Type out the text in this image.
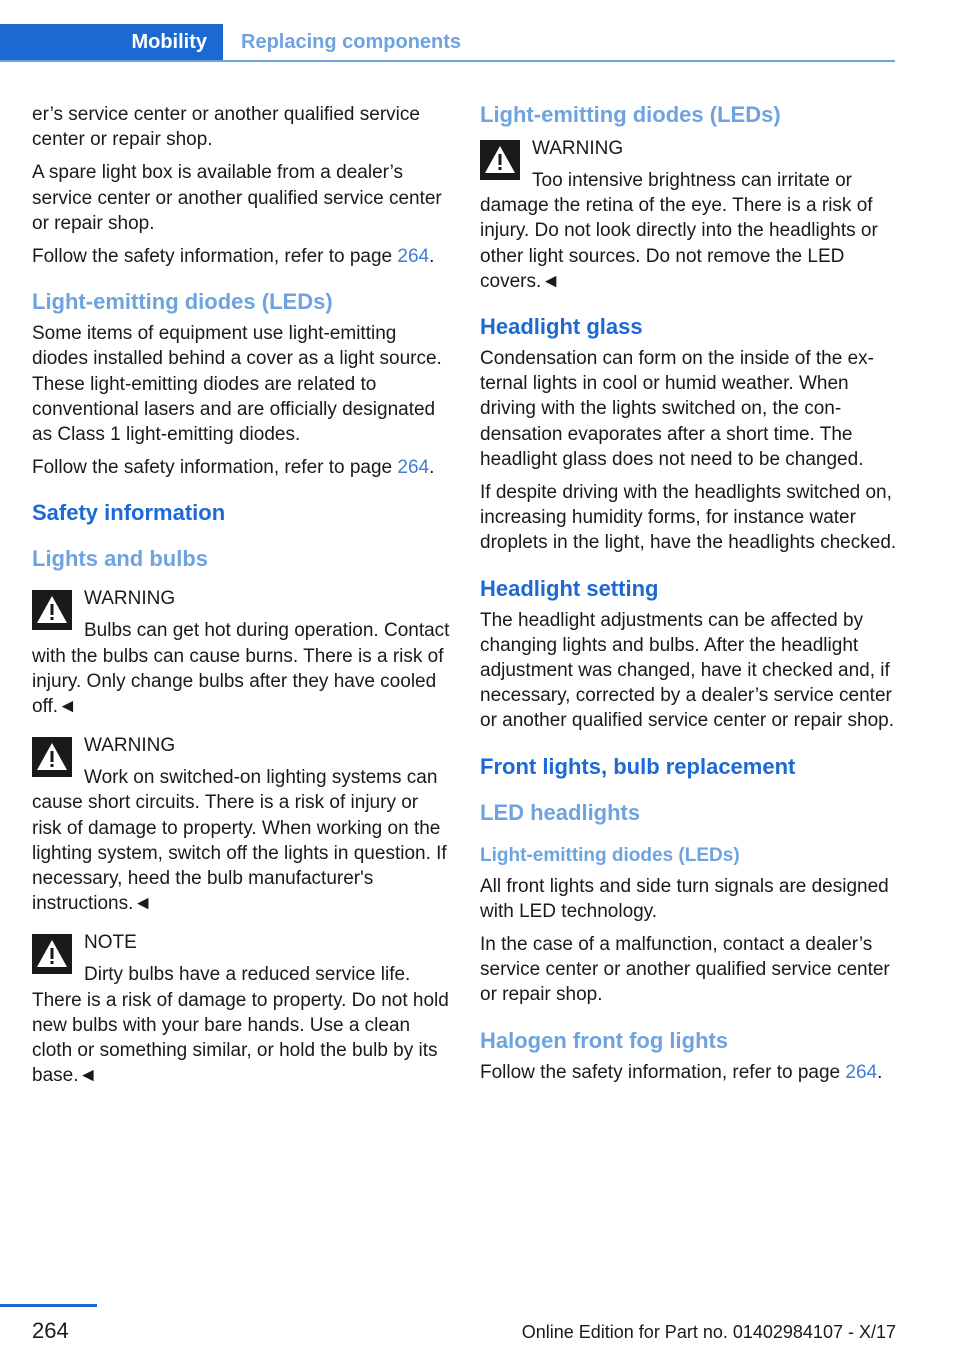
Mobility	Replacing components

er’s service center or another qualified service center or repair shop.

A spare light box is available from a dealer’s service center or another qualified service center or repair shop.

Follow the safety information, refer to page 264.

Light-emitting diodes (LEDs)

Some items of equipment use light-emitting diodes installed behind a cover as a light source. These light-emitting diodes are related to conventional lasers and are officially designated as Class 1 light-emitting diodes.

Follow the safety information, refer to page 264.

Safety information
Lights and bulbs
WARNING
Bulbs can get hot during operation. Contact with the bulbs can cause burns. There is a risk of injury. Only change bulbs after they have cooled off.◄
WARNING
Work on switched-on lighting systems can cause short circuits. There is a risk of injury or risk of damage to property. When working on the lighting system, switch off the lights in question. If necessary, heed the bulb manufacturer's instructions.◄
NOTE
Dirty bulbs have a reduced service life. There is a risk of damage to property. Do not hold new bulbs with your bare hands. Use a clean cloth or something similar, or hold the bulb by its base.◄
Light-emitting diodes (LEDs)
WARNING
Too intensive brightness can irritate or damage the retina of the eye. There is a risk of injury. Do not look directly into the headlights or other light sources. Do not remove the LED covers.◄
Headlight glass

Condensation can form on the inside of the external lights in cool or humid weather. When driving with the lights switched on, the condensation evaporates after a short time. The headlight glass does not need to be changed.

If despite driving with the headlights switched on, increasing humidity forms, for instance water droplets in the light, have the headlights checked.

Headlight setting

The headlight adjustments can be affected by changing lights and bulbs. After the headlight adjustment was changed, have it checked and, if necessary, corrected by a dealer’s service center or another qualified service center or repair shop.

Front lights, bulb replacement
LED headlights
Light-emitting diodes (LEDs)

All front lights and side turn signals are designed with LED technology.

In the case of a malfunction, contact a dealer’s service center or another qualified service center or repair shop.

Halogen front fog lights

Follow the safety information, refer to page 264.

264	Online Edition for Part no. 01402984107 - X/17
